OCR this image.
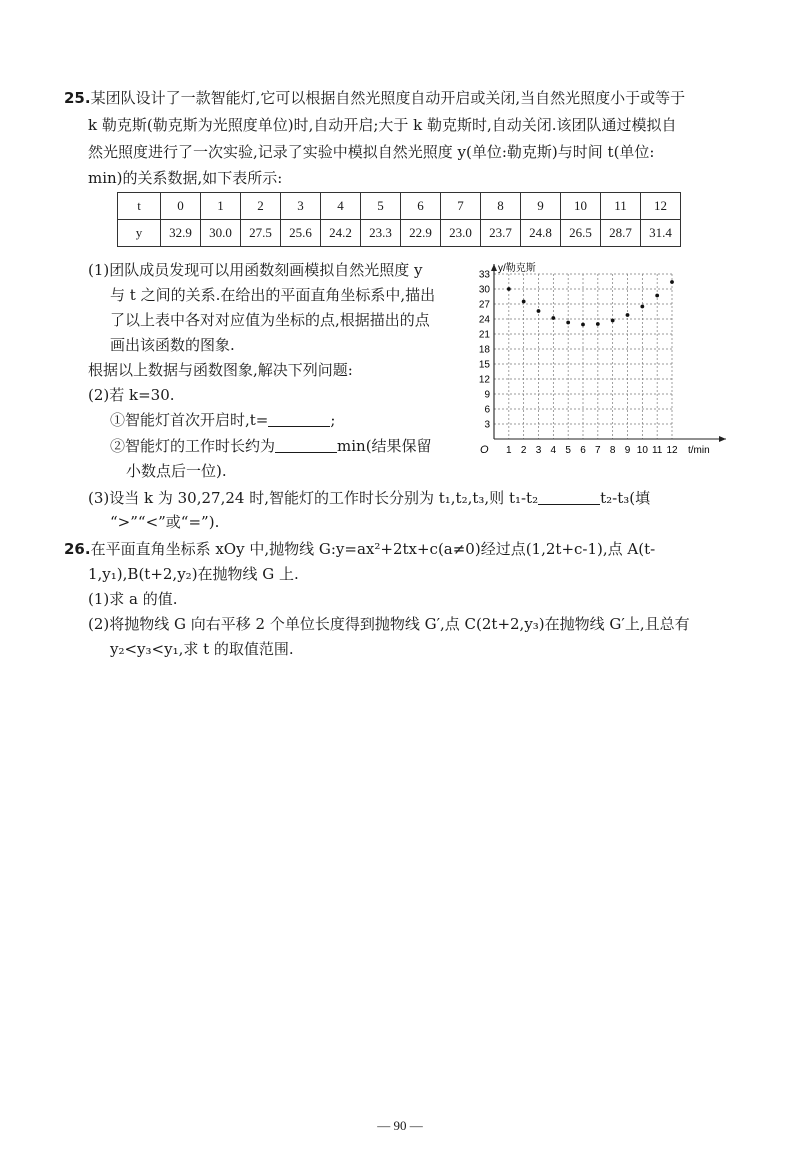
25.某团队设计了一款智能灯,它可以根据自然光照度自动开启或关闭,当自然光照度小于或等于
k 勒克斯(勒克斯为光照度单位)时,自动开启;大于 k 勒克斯时,自动关闭.该团队通过模拟自
然光照度进行了一次实验,记录了实验中模拟自然光照度 y(单位:勒克斯)与时间 t(单位:
min)的关系数据,如下表所示:
t	0	1	2	3	4	5	6	7	8	9	10	11	12
y	32.9	30.0	27.5	25.6	24.2	23.3	22.9	23.0	23.7	24.8	26.5	28.7	31.4
(1)团队成员发现可以用函数刻画模拟自然光照度 y
与 t 之间的关系.在给出的平面直角坐标系中,描出
了以上表中各对对应值为坐标的点,根据描出的点
画出该函数的图象.
根据以上数据与函数图象,解决下列问题:
(2)若 k=30.
①智能灯首次开启时,t=	;
②智能灯的工作时长约为	min(结果保留
小数点后一位).
(3)设当 k 为 30,27,24 时,智能灯的工作时长分别为 t₁,t₂,t₃,则 t₁-t₂	t₂-t₃(填
“>”“<”或“=”).
26.在平面直角坐标系 xOy 中,抛物线 G:y=ax²+2tx+c(a≠0)经过点(1,2t+c-1),点 A(t-
1,y₁),B(t+2,y₂)在抛物线 G 上.
(1)求 a 的值.
(2)将抛物线 G 向右平移 2 个单位长度得到抛物线 G′,点 C(2t+2,y₃)在抛物线 G′上,且总有
y₂<y₃<y₁,求 t 的取值范围.
1 2 3 4 5 6 7 8 9 10 11 12
3
6
9
12
15
18
21
24
27
30
33
O
y/勒克斯
t/min
— 90 —
